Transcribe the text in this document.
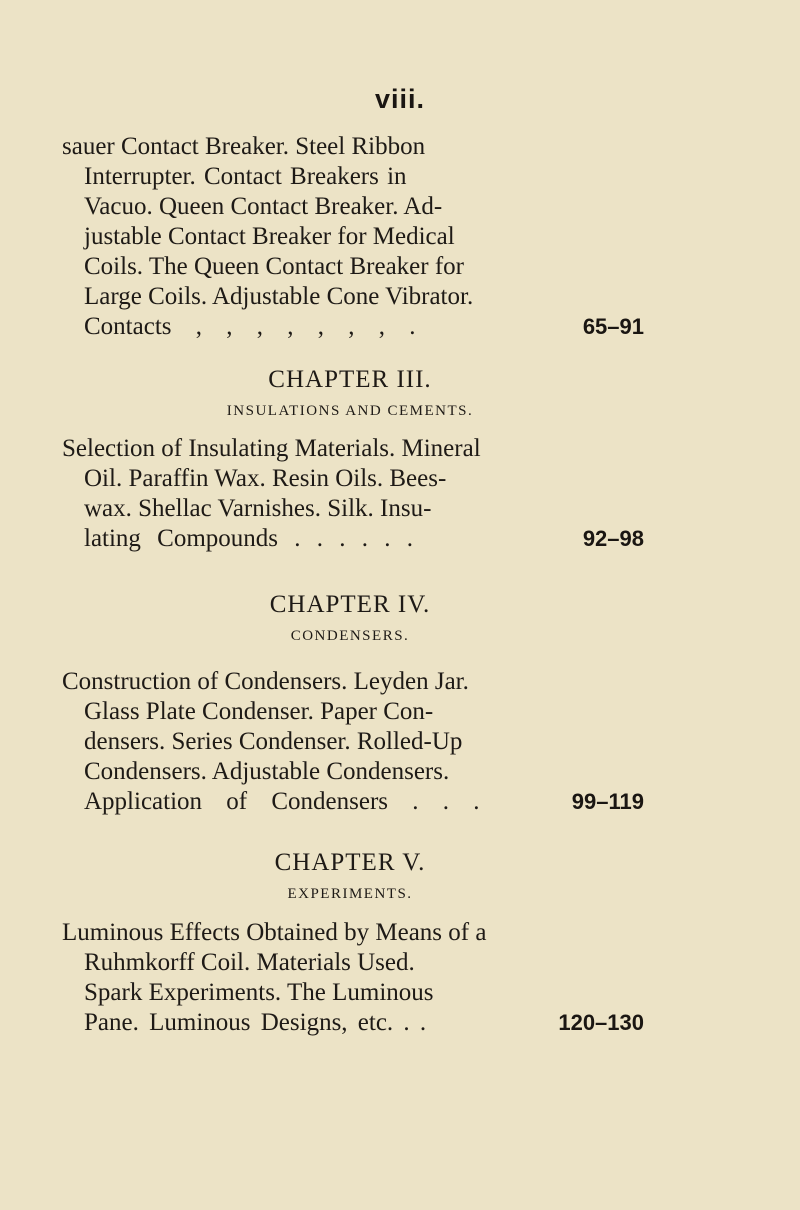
viii.
sauer Contact Breaker. Steel Ribbon
Interrupter. Contact Breakers in
Vacuo. Queen Contact Breaker. Ad-
justable Contact Breaker for Medical
Coils. The Queen Contact Breaker for
Large Coils. Adjustable Cone Vibrator.
Contacts , , , , , , , .	65–91
CHAPTER III.
INSULATIONS AND CEMENTS.
Selection of Insulating Materials. Mineral
Oil. Paraffin Wax. Resin Oils. Bees-
wax. Shellac Varnishes. Silk. Insu-
lating Compounds . . . . . .	92–98
CHAPTER IV.
CONDENSERS.
Construction of Condensers. Leyden Jar.
Glass Plate Condenser. Paper Con-
densers. Series Condenser. Rolled-Up
Condensers. Adjustable Condensers.
Application of Condensers . . .	99–119
CHAPTER V.
EXPERIMENTS.
Luminous Effects Obtained by Means of a
Ruhmkorff Coil. Materials Used.
Spark Experiments. The Luminous
Pane. Luminous Designs, etc. . .	120–130
